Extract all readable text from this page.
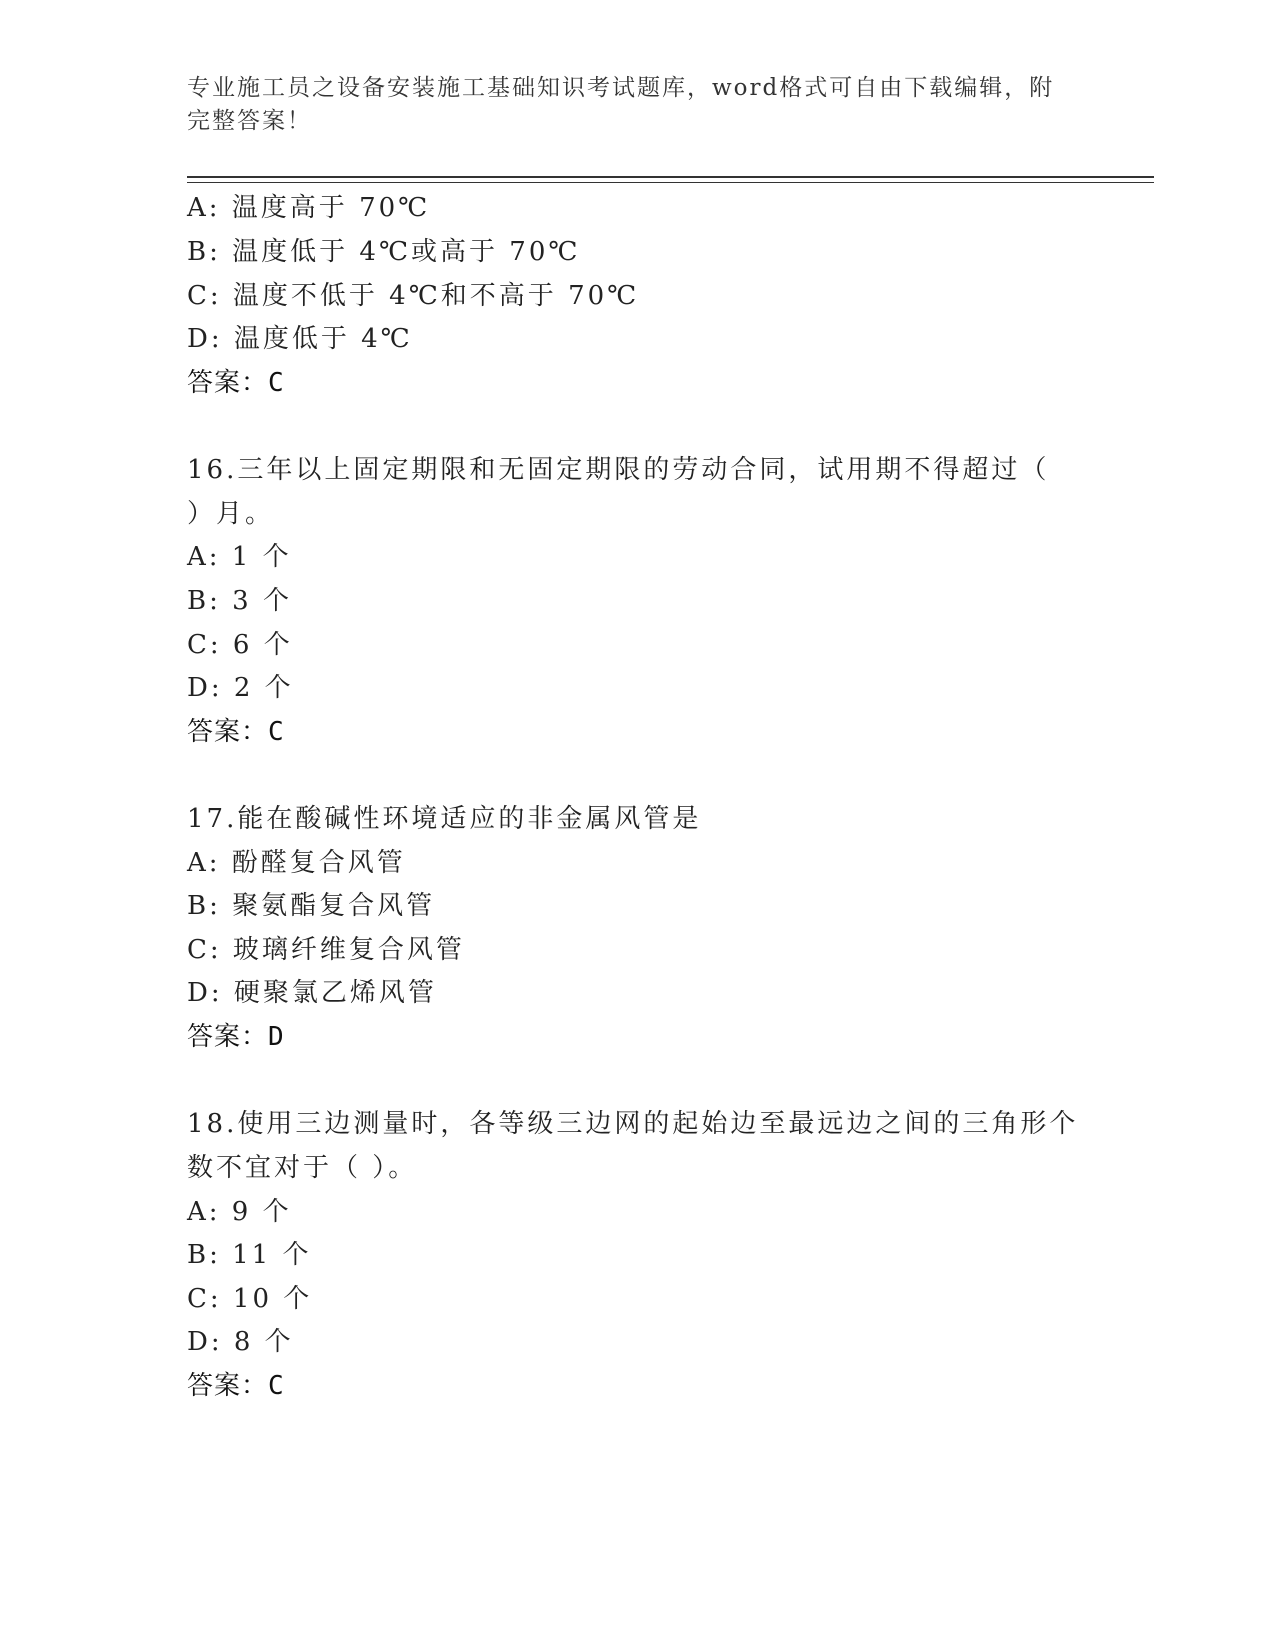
专业施工员之设备安装施工基础知识考试题库，word格式可自由下载编辑，附完整答案！
A: 温度高于 70℃
B: 温度低于 4℃或高于 70℃
C: 温度不低于 4℃和不高于 70℃
D: 温度低于 4℃
答案：C
16.三年以上固定期限和无固定期限的劳动合同，试用期不得超过（
）月。
A: 1 个
B: 3 个
C: 6 个
D: 2 个
答案：C
17.能在酸碱性环境适应的非金属风管是
A: 酚醛复合风管
B: 聚氨酯复合风管
C: 玻璃纤维复合风管
D: 硬聚氯乙烯风管
答案：D
18.使用三边测量时，各等级三边网的起始边至最远边之间的三角形个
数不宜对于（ ）。
A: 9 个
B: 11 个
C: 10 个
D: 8 个
答案：C
